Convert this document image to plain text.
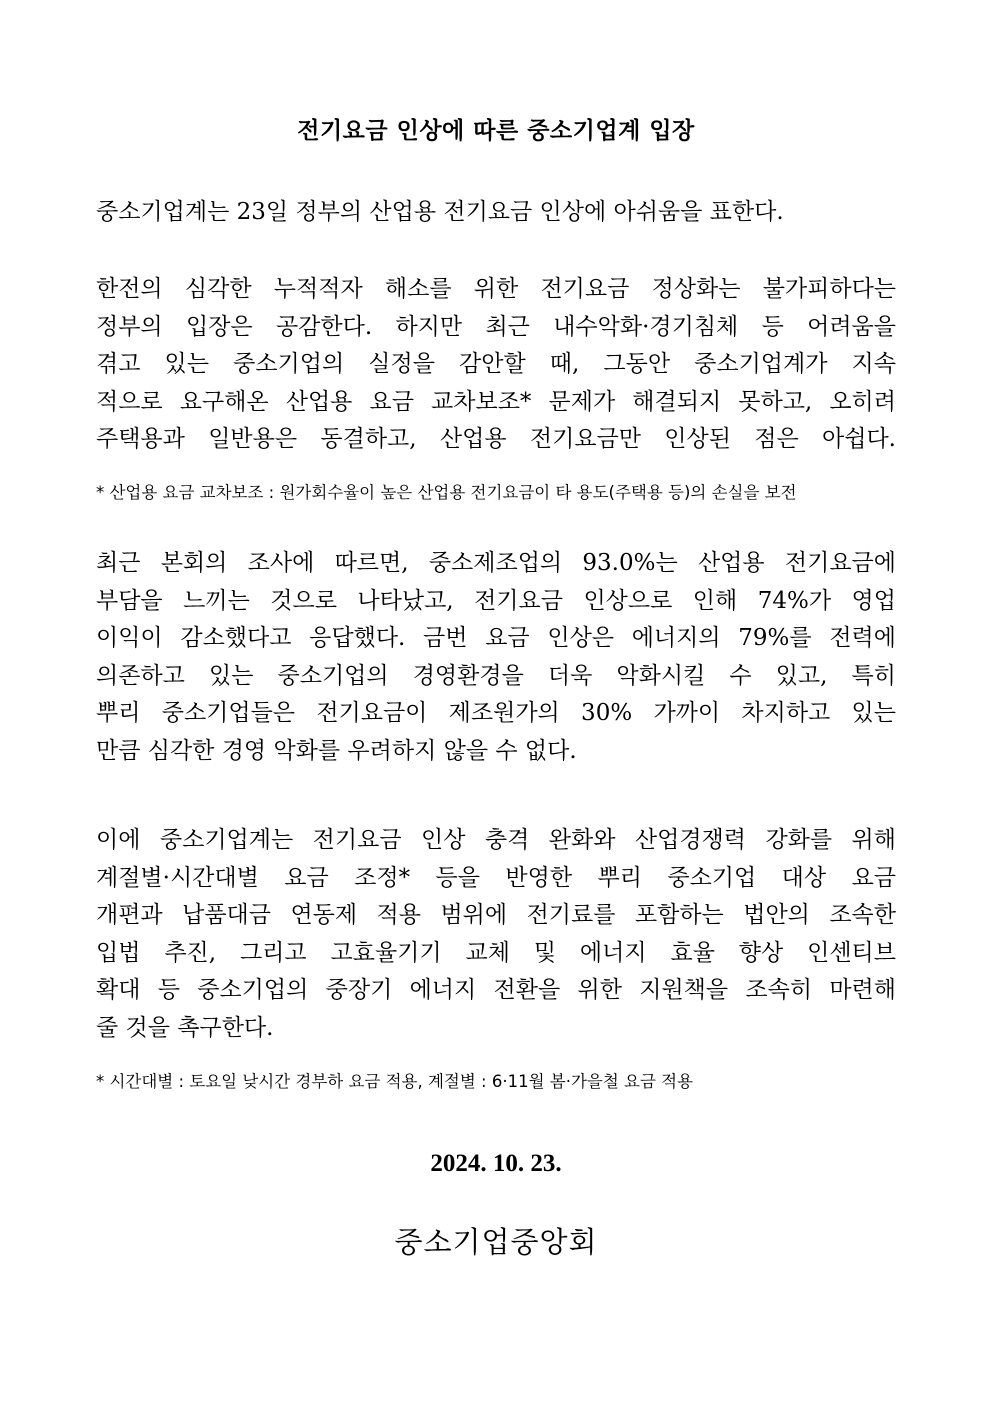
전기요금 인상에 따른 중소기업계 입장
중소기업계는 23일 정부의 산업용 전기요금 인상에 아쉬움을 표한다.
한전의 심각한 누적적자 해소를 위한 전기요금 정상화는 불가피하다는
정부의 입장은 공감한다. 하지만 최근 내수악화·경기침체 등 어려움을
겪고 있는 중소기업의 실정을 감안할 때, 그동안 중소기업계가 지속
적으로 요구해온 산업용 요금 교차보조* 문제가 해결되지 못하고, 오히려
주택용과 일반용은 동결하고, 산업용 전기요금만 인상된 점은 아쉽다.
* 산업용 요금 교차보조 : 원가회수율이 높은 산업용 전기요금이 타 용도(주택용 등)의 손실을 보전
최근 본회의 조사에 따르면, 중소제조업의 93.0%는 산업용 전기요금에
부담을 느끼는 것으로 나타났고, 전기요금 인상으로 인해 74%가 영업
이익이 감소했다고 응답했다. 금번 요금 인상은 에너지의 79%를 전력에
의존하고 있는 중소기업의 경영환경을 더욱 악화시킬 수 있고, 특히
뿌리 중소기업들은 전기요금이 제조원가의 30% 가까이 차지하고 있는
만큼 심각한 경영 악화를 우려하지 않을 수 없다.
이에 중소기업계는 전기요금 인상 충격 완화와 산업경쟁력 강화를 위해
계절별·시간대별 요금 조정* 등을 반영한 뿌리 중소기업 대상 요금
개편과 납품대금 연동제 적용 범위에 전기료를 포함하는 법안의 조속한
입법 추진, 그리고 고효율기기 교체 및 에너지 효율 향상 인센티브
확대 등 중소기업의 중장기 에너지 전환을 위한 지원책을 조속히 마련해
줄 것을 촉구한다.
* 시간대별 : 토요일 낮시간 경부하 요금 적용, 계절별 : 6·11월 봄·가을철 요금 적용
2024. 10. 23.
중소기업중앙회
